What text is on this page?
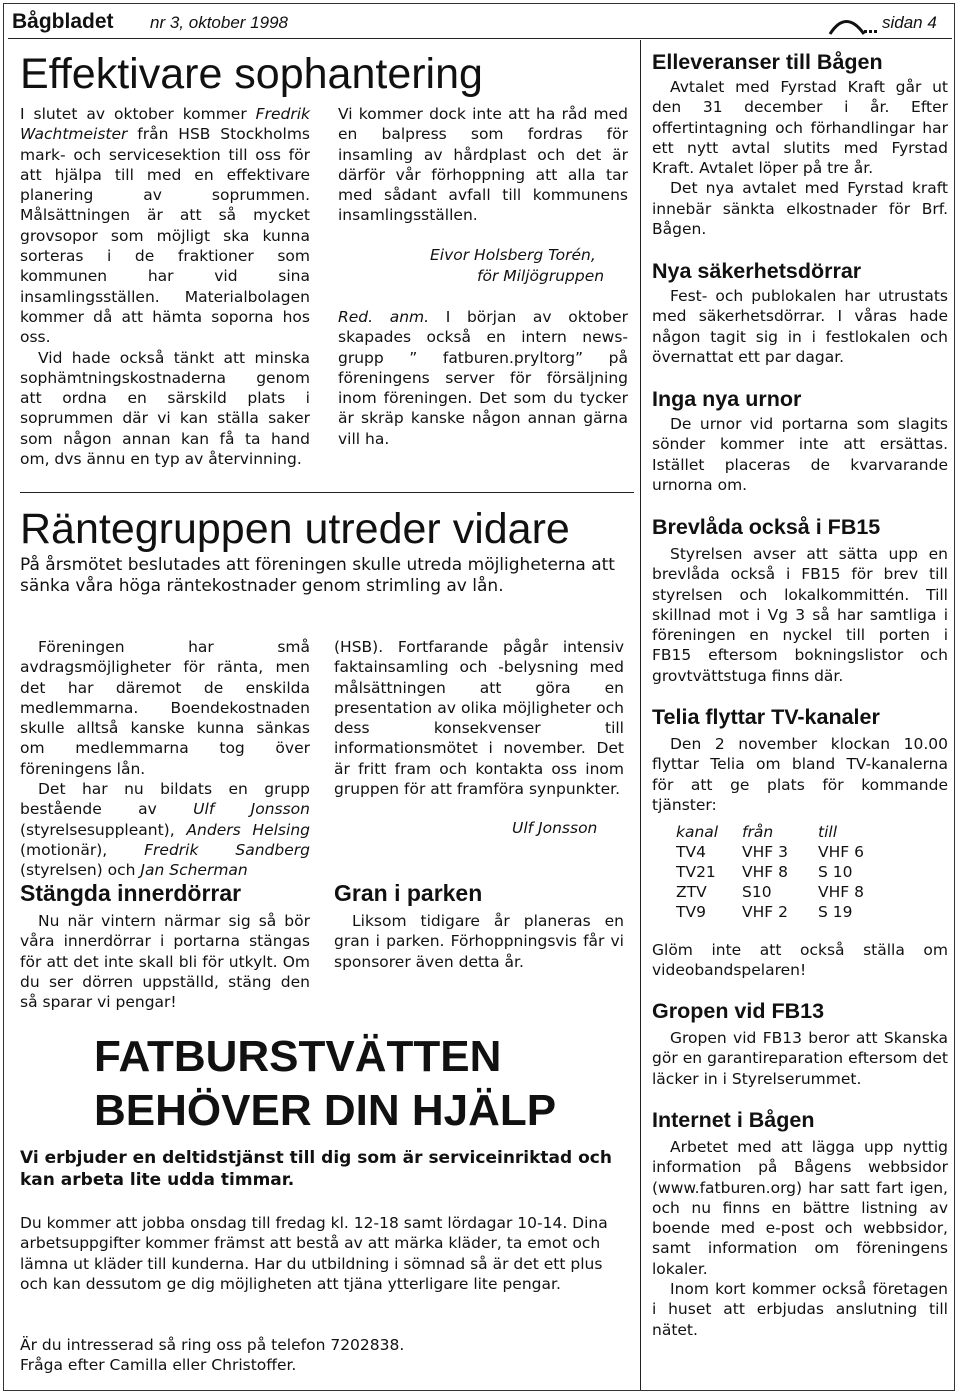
Bågbladet nr 3, oktober 1998	sidan 4
Effektivare sophantering

I slutet av oktober kommer Fredrik Wachtmeister från HSB Stockholms mark- och servicesektion till oss för att hjälpa till med en effektivare planering av soprummen. Målsättningen är att så mycket grovsopor som möjligt ska kunna sorteras i de fraktioner som kommunen har vid sina insamlingsställen. Materialbolagen kommer då att hämta soporna hos oss.

Vid hade också tänkt att minska sophämtningskostnaderna genom att ordna en särskild plats i soprummen där vi kan ställa saker som någon annan kan få ta hand om, dvs ännu en typ av återvinning.

Vi kommer dock inte att ha råd med en balpress som fordras för insamling av hårdplast och det är därför vår förhoppning att alla tar med sådant avfall till kommunens insamlingsställen.

Eivor Holsberg Torén,
för Miljögruppen

Red. anm. I början av oktober skapades också en intern news-grupp ” fatburen.pryltorg” på föreningens server för försäljning inom föreningen. Det som du tycker är skräp kanske någon annan gärna vill ha.

Räntegruppen utreder vidare

På årsmötet beslutades att föreningen skulle utreda möjligheterna att sänka våra höga räntekostnader genom strimling av lån.

Föreningen har små avdragsmöjligheter för ränta, men det har däremot de enskilda medlemmarna. Boendekostnaden skulle alltså kanske kunna sänkas om medlemmarna tog över föreningens lån.

Det har nu bildats en grupp bestående av Ulf Jonsson (styrelsesuppleant), Anders Helsing (motionär), Fredrik Sandberg (styrelsen) och Jan Scherman

(HSB). Fortfarande pågår intensiv faktainsamling och -belysning med målsättningen att göra en presentation av olika möjligheter och dess konsekvenser till informationsmötet i november. Det är fritt fram och kontakta oss inom gruppen för att framföra synpunkter.

Ulf Jonsson

Stängda innerdörrar

Nu när vintern närmar sig så bör våra innerdörrar i portarna stängas för att det inte skall bli för utkylt. Om du ser dörren uppställd, stäng den så sparar vi pengar!

Gran i parken

Liksom tidigare år planeras en gran i parken. Förhoppningsvis får vi sponsorer även detta år.

FATBURSTVÄTTEN
BEHÖVER DIN HJÄLP

Vi erbjuder en deltidstjänst till dig som är serviceinriktad och kan arbeta lite udda timmar.

Du kommer att jobba onsdag till fredag kl. 12-18 samt lördagar 10-14. Dina arbetsuppgifter kommer främst att bestå av att märka kläder, ta emot och lämna ut kläder till kunderna. Har du utbildning i sömnad så är det ett plus och kan dessutom ge dig möjligheten att tjäna ytterligare lite pengar.

Är du intresserad så ring oss på telefon 7202838.

Fråga efter Camilla eller Christoffer.

Elleveranser till Bågen

Avtalet med Fyrstad Kraft går ut den 31 december i år. Efter offertintagning och förhandlingar har ett nytt avtal slutits med Fyrstad Kraft. Avtalet löper på tre år.

Det nya avtalet med Fyrstad kraft innebär sänkta elkostnader för Brf. Bågen.

Nya säkerhetsdörrar

Fest- och publokalen har utrustats med säkerhetsdörrar. I våras hade någon tagit sig in i festlokalen och övernattat ett par dagar.

Inga nya urnor

De urnor vid portarna som slagits sönder kommer inte att ersättas. Istället placeras de kvarvarande urnorna om.

Brevlåda också i FB15

Styrelsen avser att sätta upp en brevlåda också i FB15 för brev till styrelsen och lokalkommittén. Till skillnad mot i Vg 3 så har samtliga i föreningen en nyckel till porten i FB15 eftersom bokningslistor och grovtvättstuga finns där.

Telia flyttar TV-kanaler

Den 2 november klockan 10.00 flyttar Telia om bland TV-kanalerna för att ge plats för kommande tjänster:

kanal	från	till
TV4	VHF 3	VHF 6
TV21	VHF 8	S 10
ZTV	S10	VHF 8
TV9	VHF 2	S 19

Glöm inte att också ställa om videobandspelaren!

Gropen vid FB13

Gropen vid FB13 beror att Skanska gör en garantireparation eftersom det läcker in i Styrelserummet.

Internet i Bågen

Arbetet med att lägga upp nyttig information på Bågens webbsidor (www.fatburen.org) har satt fart igen, och nu finns en bättre listning av boende med e-post och webbsidor, samt information om föreningens lokaler.

Inom kort kommer också företagen i huset att erbjudas anslutning till nätet.
